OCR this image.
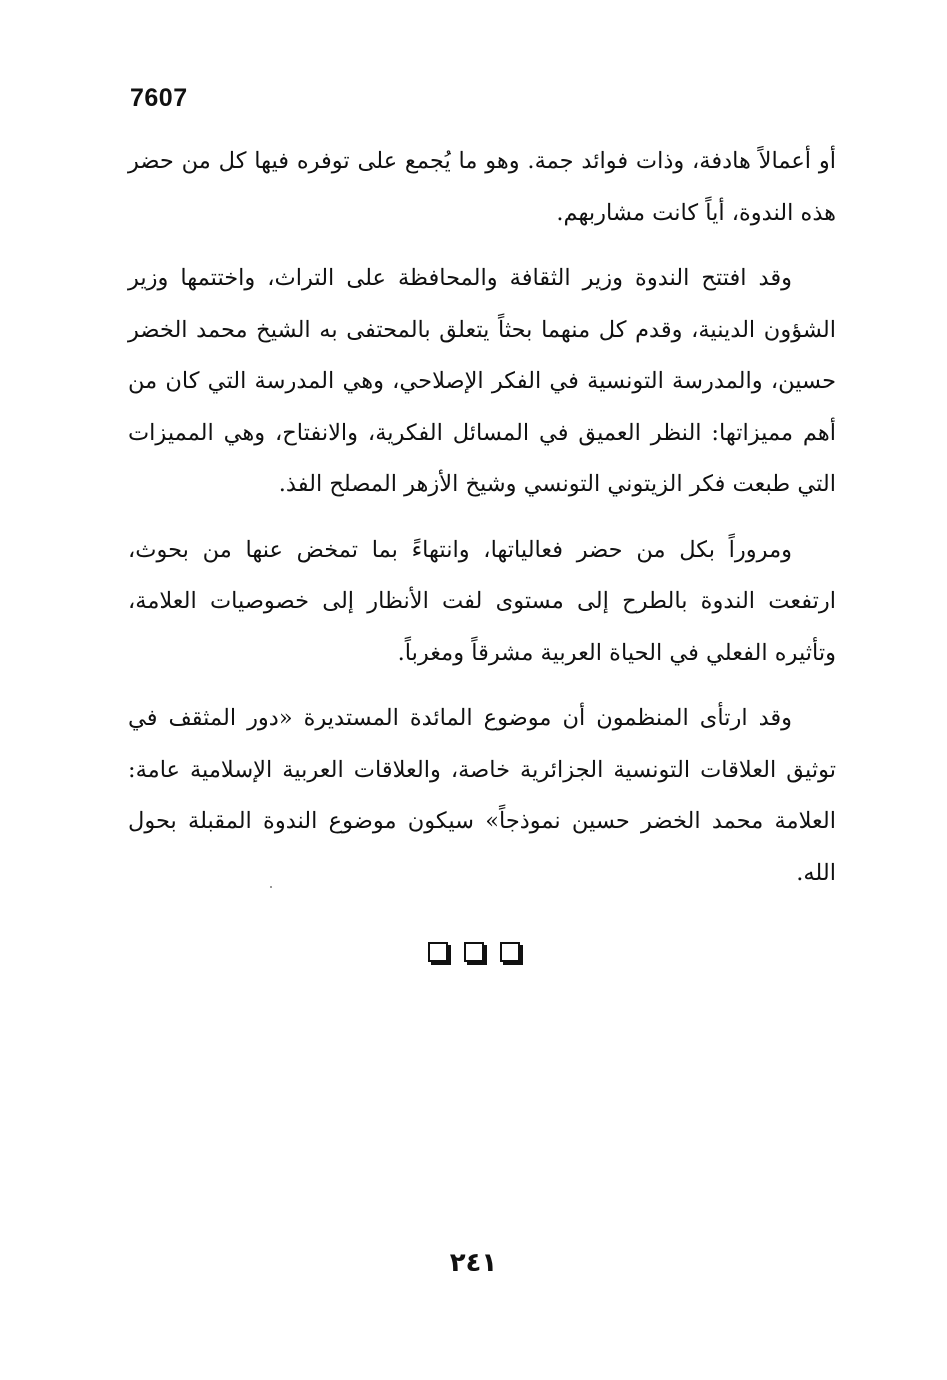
7607

أو أعمالاً هادفة، وذات فوائد جمة. وهو ما يُجمع على توفره فيها كل من حضر هذه الندوة، أياً كانت مشاربهم.

وقد افتتح الندوة وزير الثقافة والمحافظة على التراث، واختتمها وزير الشؤون الدينية، وقدم كل منهما بحثاً يتعلق بالمحتفى به الشيخ محمد الخضر حسين، والمدرسة التونسية في الفكر الإصلاحي، وهي المدرسة التي كان من أهم مميزاتها: النظر العميق في المسائل الفكرية، والانفتاح، وهي المميزات التي طبعت فكر الزيتوني التونسي وشيخ الأزهر المصلح الفذ.

ومروراً بكل من حضر فعالياتها، وانتهاءً بما تمخض عنها من بحوث، ارتفعت الندوة بالطرح إلى مستوى لفت الأنظار إلى خصوصيات العلامة، وتأثيره الفعلي في الحياة العربية مشرقاً ومغرباً.

وقد ارتأى المنظمون أن موضوع المائدة المستديرة «دور المثقف في توثيق العلاقات التونسية الجزائرية خاصة، والعلاقات العربية الإسلامية عامة: العلامة محمد الخضر حسين نموذجاً» سيكون موضوع الندوة المقبلة بحول الله.

٢٤١
